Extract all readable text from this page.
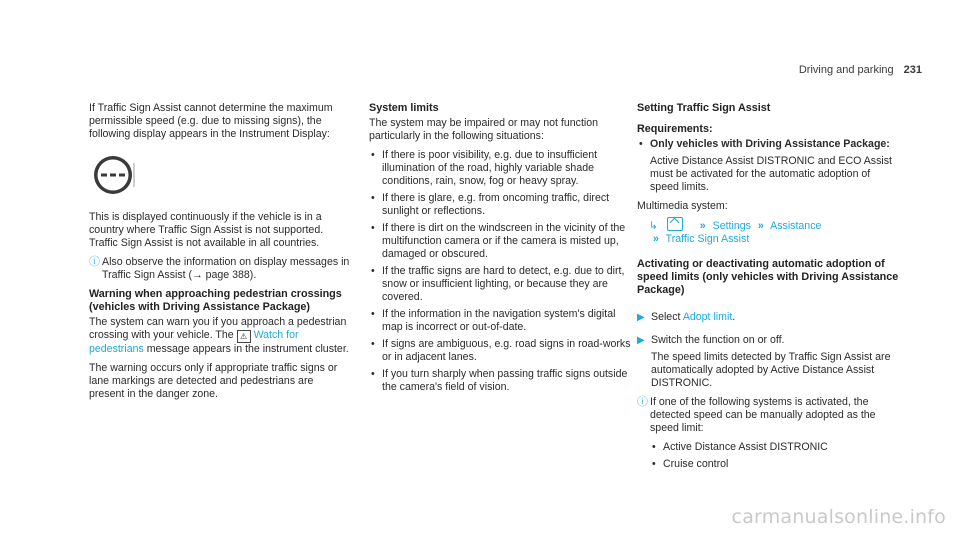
Driving and parking 231

If Traffic Sign Assist cannot determine the maximum permissible speed (e.g. due to missing signs), the following display appears in the Instrument Display:

This is displayed continuously if the vehicle is in a country where Traffic Sign Assist is not supported. Traffic Sign Assist is not available in all countries.

ⓘ Also observe the information on display messages in Traffic Sign Assist (→ page 388).

Warning when approaching pedestrian crossings (vehicles with Driving Assistance Package)

The system can warn you if you approach a pedestrian crossing with your vehicle. The ⚠ Watch for pedestrians message appears in the instrument cluster.

The warning occurs only if appropriate traffic signs or lane markings are detected and pedestrians are present in the danger zone.

System limits

The system may be impaired or may not function particularly in the following situations:

• If there is poor visibility, e.g. due to insufficient illumination of the road, highly variable shade conditions, rain, snow, fog or heavy spray.
• If there is glare, e.g. from oncoming traffic, direct sunlight or reflections.
• If there is dirt on the windscreen in the vicinity of the multifunction camera or if the camera is misted up, damaged or obscured.
• If the traffic signs are hard to detect, e.g. due to dirt, snow or insufficient lighting, or because they are covered.
• If the information in the navigation system's digital map is incorrect or out-of-date.
• If signs are ambiguous, e.g. road signs in road-works or in adjacent lanes.
• If you turn sharply when passing traffic signs outside the camera's field of vision.
Setting Traffic Sign Assist
Requirements:
• Only vehicles with Driving Assistance Package:

Active Distance Assist DISTRONIC and ECO Assist must be activated for the automatic adoption of speed limits.

Multimedia system:

↳	» Settings » Assistance
» Traffic Sign Assist
Activating or deactivating automatic adoption of speed limits (only vehicles with Driving Assistance Package)
▶ Select Adopt limit.
▶ Switch the function on or off.

The speed limits detected by Traffic Sign Assist are automatically adopted by Active Distance Assist DISTRONIC.

ⓘ If one of the following systems is activated, the detected speed can be manually adopted as the speed limit:

• Active Distance Assist DISTRONIC
• Cruise control
carmanualsonline.info
